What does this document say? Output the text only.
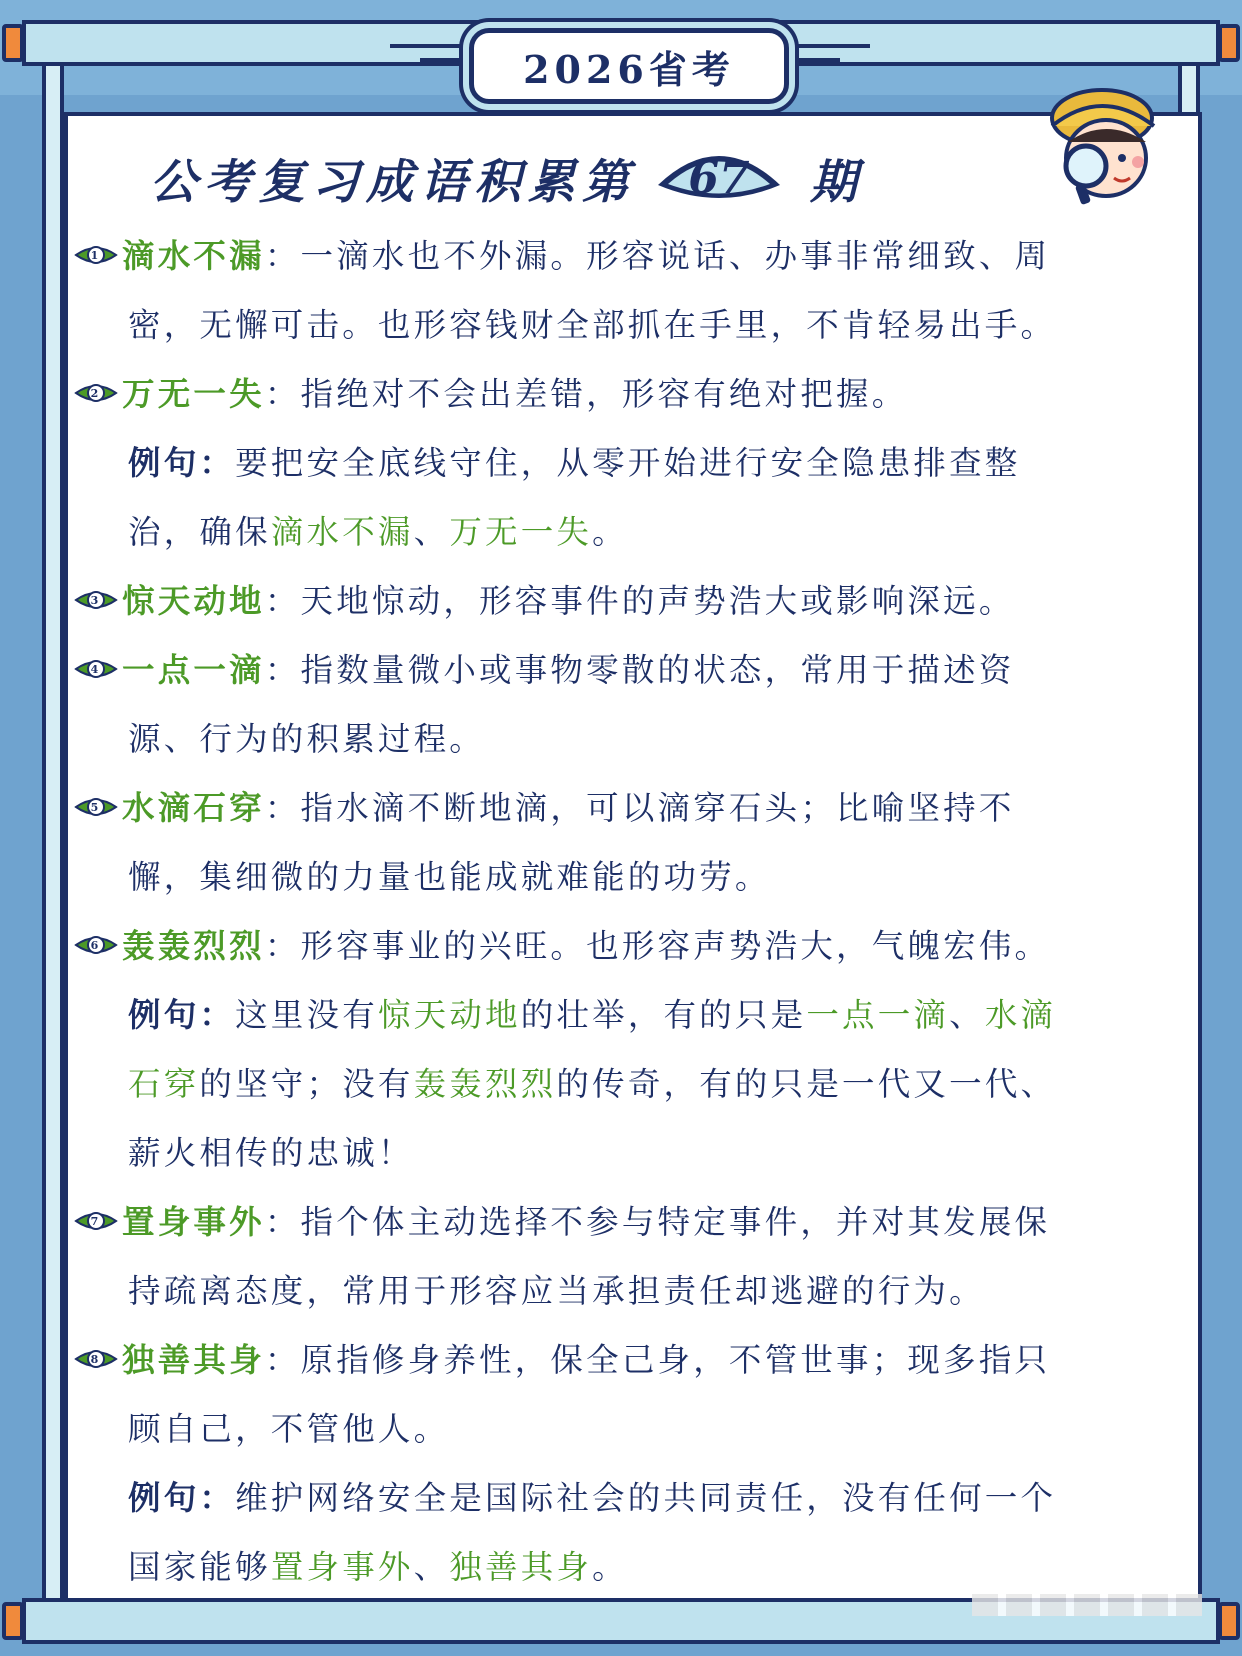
2026省考
公考复习成语积累第 67 期
1 滴水不漏：一滴水也不外漏。形容说话、办事非常细致、周
密，无懈可击。也形容钱财全部抓在手里，不肯轻易出手。
2 万无一失：指绝对不会出差错，形容有绝对把握。
例句：要把安全底线守住，从零开始进行安全隐患排查整
治，确保滴水不漏、万无一失。
3 惊天动地：天地惊动，形容事件的声势浩大或影响深远。
4 一点一滴：指数量微小或事物零散的状态，常用于描述资
源、行为的积累过程。
5 水滴石穿：指水滴不断地滴，可以滴穿石头；比喻坚持不
懈，集细微的力量也能成就难能的功劳。
6 轰轰烈烈：形容事业的兴旺。也形容声势浩大，气魄宏伟。
例句：这里没有惊天动地的壮举，有的只是一点一滴、水滴
石穿的坚守；没有轰轰烈烈的传奇，有的只是一代又一代、
薪火相传的忠诚！
7 置身事外：指个体主动选择不参与特定事件，并对其发展保
持疏离态度，常用于形容应当承担责任却逃避的行为。
8 独善其身：原指修身养性，保全己身，不管世事；现多指只
顾自己，不管他人。
例句：维护网络安全是国际社会的共同责任，没有任何一个
国家能够置身事外、独善其身。
